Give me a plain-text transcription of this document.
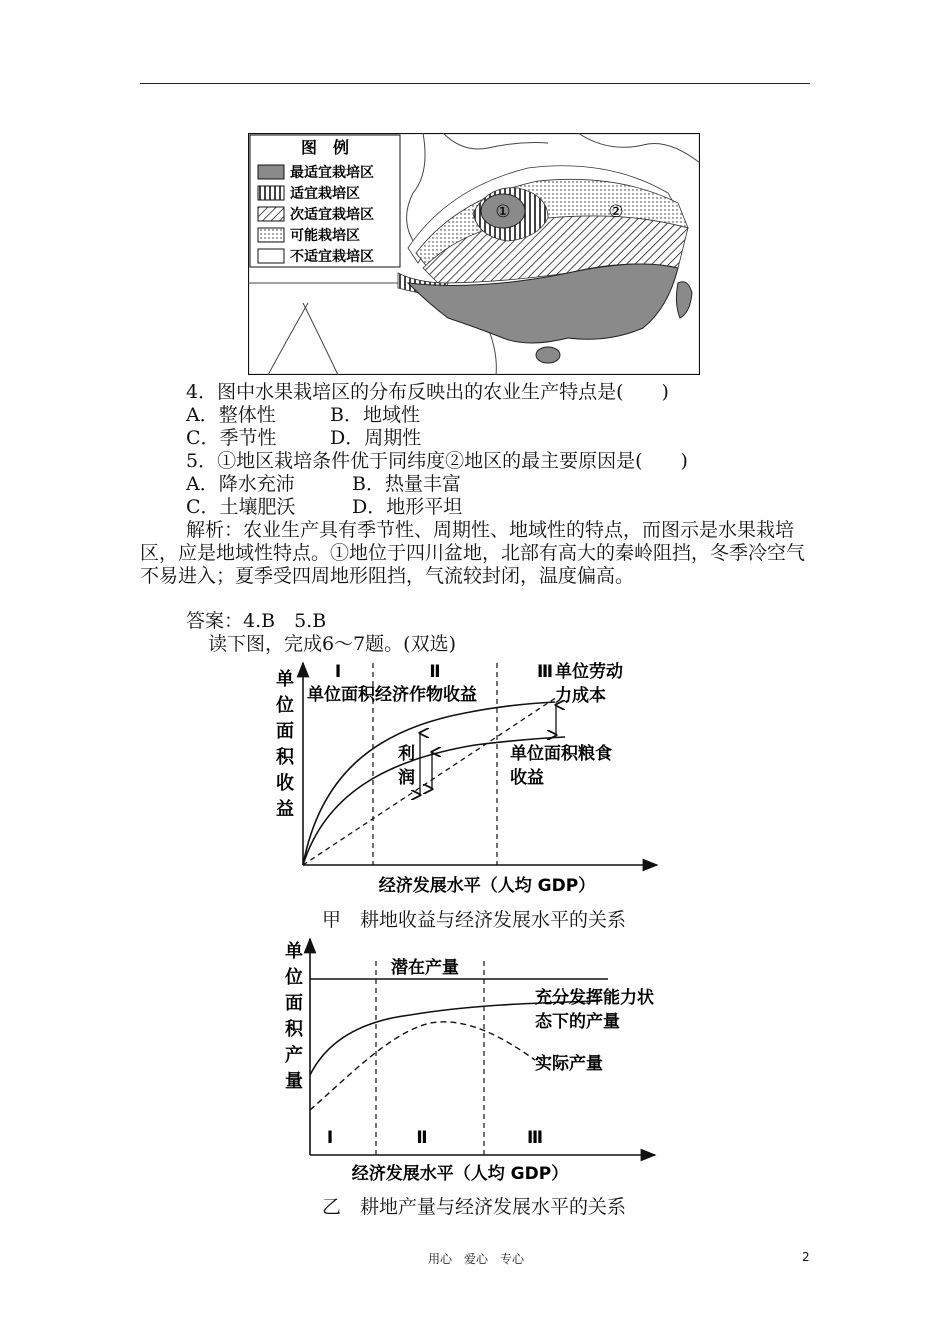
①	②
图　例
最适宜栽培区
适宜栽培区
次适宜栽培区
可能栽培区
不适宜栽培区
4．图中水果栽培区的分布反映出的农业生产特点是(　　)
A．整体性	B．地域性
C．季节性	D．周期性
5．①地区栽培条件优于同纬度②地区的最主要原因是(　　)
A．降水充沛	B．热量丰富
C．土壤肥沃	D．地形平坦
解析：农业生产具有季节性、周期性、地域性的特点，而图示是水果栽培区，应是地域性特点。①地位于四川盆地，北部有高大的秦岭阻挡，冬季冷空气不易进入；夏季受四周地形阻挡，气流较封闭，温度偏高。
答案：4.B　5.B
读下图，完成6～7题。(双选)
单
位
面
积
收
益
Ⅰ	Ⅱ	Ⅲ
单位面积经济作物收益
单位劳动
力成本
单位面积粮食
收益
利
润
经济发展水平（人均 GDP）
甲　耕地收益与经济发展水平的关系
单
位
面
积
产
量
潜在产量
充分发挥能力状
态下的产量
实际产量
Ⅰ	Ⅱ	Ⅲ
经济发展水平（人均 GDP）
乙　耕地产量与经济发展水平的关系
用心　爱心　专心	2
